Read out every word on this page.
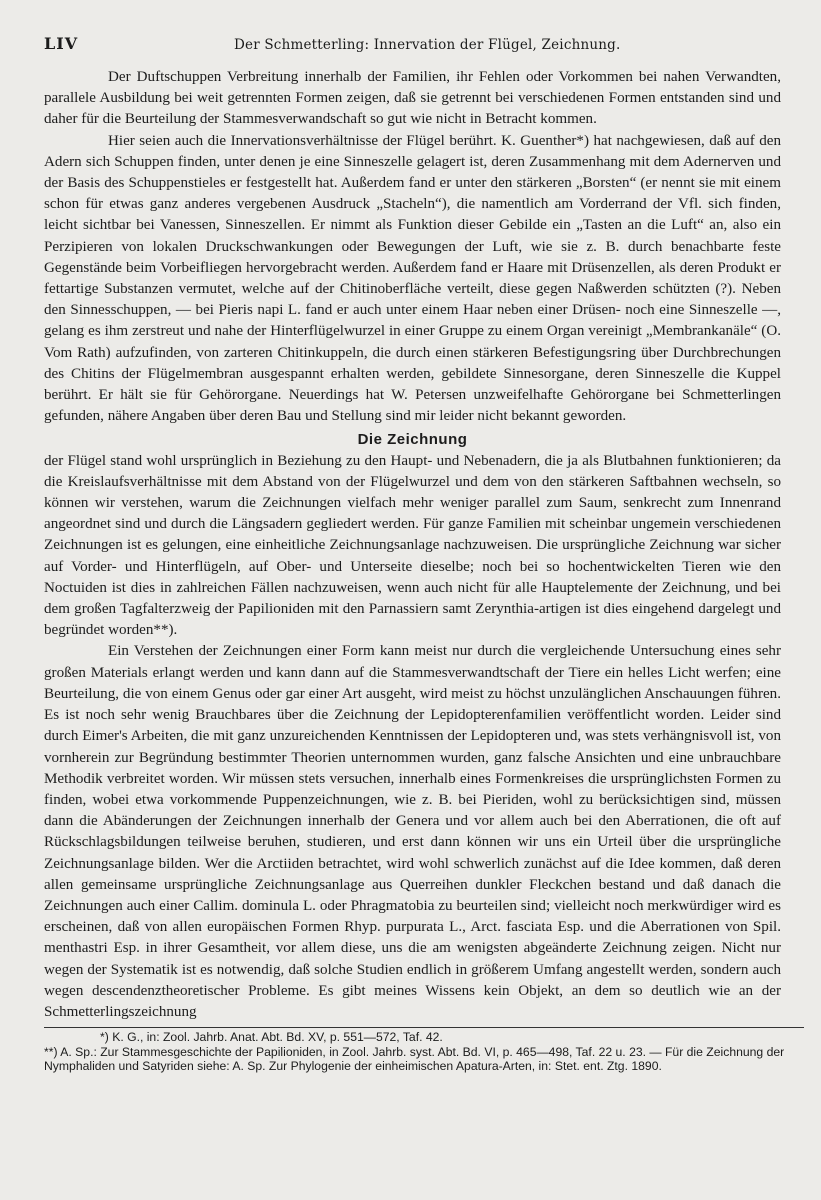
LIV	Der Schmetterling: Innervation der Flügel, Zeichnung.

Der Duftschuppen Verbreitung innerhalb der Familien, ihr Fehlen oder Vorkommen bei nahen Verwandten, parallele Ausbildung bei weit getrennten Formen zeigen, daß sie getrennt bei verschiedenen Formen entstanden sind und daher für die Beurteilung der Stammesverwandschaft so gut wie nicht in Betracht kommen.

Hier seien auch die Innervationsverhältnisse der Flügel berührt. K. Guenther*) hat nachgewiesen, daß auf den Adern sich Schuppen finden, unter denen je eine Sinneszelle gelagert ist, deren Zusammenhang mit dem Adernerven und der Basis des Schuppenstieles er festgestellt hat. Außerdem fand er unter den stärkeren „Borsten“ (er nennt sie mit einem schon für etwas ganz anderes vergebenen Ausdruck „Stacheln“), die namentlich am Vorderrand der Vfl. sich finden, leicht sichtbar bei Vanessen, Sinneszellen. Er nimmt als Funktion dieser Gebilde ein „Tasten an die Luft“ an, also ein Perzipieren von lokalen Druckschwankungen oder Bewegungen der Luft, wie sie z. B. durch benachbarte feste Gegenstände beim Vorbeifliegen hervorgebracht werden. Außerdem fand er Haare mit Drüsenzellen, als deren Produkt er fettartige Substanzen vermutet, welche auf der Chitinoberfläche verteilt, diese gegen Naßwerden schützten (?). Neben den Sinnesschuppen, — bei Pieris napi L. fand er auch unter einem Haar neben einer Drüsen- noch eine Sinneszelle —, gelang es ihm zerstreut und nahe der Hinterflügelwurzel in einer Gruppe zu einem Organ vereinigt „Membrankanäle“ (O. Vom Rath) aufzufinden, von zarteren Chitinkuppeln, die durch einen stärkeren Befestigungsring über Durchbrechungen des Chitins der Flügelmembran ausgespannt erhalten werden, gebildete Sinnesorgane, deren Sinneszelle die Kuppel berührt. Er hält sie für Gehörorgane. Neuerdings hat W. Petersen unzweifelhafte Gehörorgane bei Schmetterlingen gefunden, nähere Angaben über deren Bau und Stellung sind mir leider nicht bekannt geworden.

Die Zeichnung

der Flügel stand wohl ursprünglich in Beziehung zu den Haupt- und Nebenadern, die ja als Blutbahnen funktionieren; da die Kreislaufsverhältnisse mit dem Abstand von der Flügelwurzel und dem von den stärkeren Saftbahnen wechseln, so können wir verstehen, warum die Zeichnungen vielfach mehr weniger parallel zum Saum, senkrecht zum Innenrand angeordnet sind und durch die Längsadern gegliedert werden. Für ganze Familien mit scheinbar ungemein verschiedenen Zeichnungen ist es gelungen, eine einheitliche Zeichnungsanlage nachzuweisen. Die ursprüngliche Zeichnung war sicher auf Vorder- und Hinterflügeln, auf Ober- und Unterseite dieselbe; noch bei so hochentwickelten Tieren wie den Noctuiden ist dies in zahlreichen Fällen nachzuweisen, wenn auch nicht für alle Hauptelemente der Zeichnung, und bei dem großen Tagfalterzweig der Papilioniden mit den Parnassiern samt Zerynthia-artigen ist dies eingehend dargelegt und begründet worden**).

Ein Verstehen der Zeichnungen einer Form kann meist nur durch die vergleichende Untersuchung eines sehr großen Materials erlangt werden und kann dann auf die Stammesverwandtschaft der Tiere ein helles Licht werfen; eine Beurteilung, die von einem Genus oder gar einer Art ausgeht, wird meist zu höchst unzulänglichen Anschauungen führen. Es ist noch sehr wenig Brauchbares über die Zeichnung der Lepidopterenfamilien veröffentlicht worden. Leider sind durch Eimer's Arbeiten, die mit ganz unzureichenden Kenntnissen der Lepidopteren und, was stets verhängnisvoll ist, von vornherein zur Begründung bestimmter Theorien unternommen wurden, ganz falsche Ansichten und eine unbrauchbare Methodik verbreitet worden. Wir müssen stets versuchen, innerhalb eines Formenkreises die ursprünglichsten Formen zu finden, wobei etwa vorkommende Puppenzeichnungen, wie z. B. bei Pieriden, wohl zu berücksichtigen sind, müssen dann die Abänderungen der Zeichnungen innerhalb der Genera und vor allem auch bei den Aberrationen, die oft auf Rückschlagsbildungen teilweise beruhen, studieren, und erst dann können wir uns ein Urteil über die ursprüngliche Zeichnungsanlage bilden. Wer die Arctiiden betrachtet, wird wohl schwerlich zunächst auf die Idee kommen, daß deren allen gemeinsame ursprüngliche Zeichnungsanlage aus Querreihen dunkler Fleckchen bestand und daß danach die Zeichnungen auch einer Callim. dominula L. oder Phragmatobia zu beurteilen sind; vielleicht noch merkwürdiger wird es erscheinen, daß von allen europäischen Formen Rhyp. purpurata L., Arct. fasciata Esp. und die Aberrationen von Spil. menthastri Esp. in ihrer Gesamtheit, vor allem diese, uns die am wenigsten abgeänderte Zeichnung zeigen. Nicht nur wegen der Systematik ist es notwendig, daß solche Studien endlich in größerem Umfang angestellt werden, sondern auch wegen descendenztheoretischer Probleme. Es gibt meines Wissens kein Objekt, an dem so deutlich wie an der Schmetterlingszeichnung

*) K. G., in: Zool. Jahrb. Anat. Abt. Bd. XV, p. 551—572, Taf. 42.
**) A. Sp.: Zur Stammesgeschichte der Papilioniden, in Zool. Jahrb. syst. Abt. Bd. VI, p. 465—498, Taf. 22 u. 23. — Für die Zeichnung der Nymphaliden und Satyriden siehe: A. Sp. Zur Phylogenie der einheimischen Apatura-Arten, in: Stet. ent. Ztg. 1890.
